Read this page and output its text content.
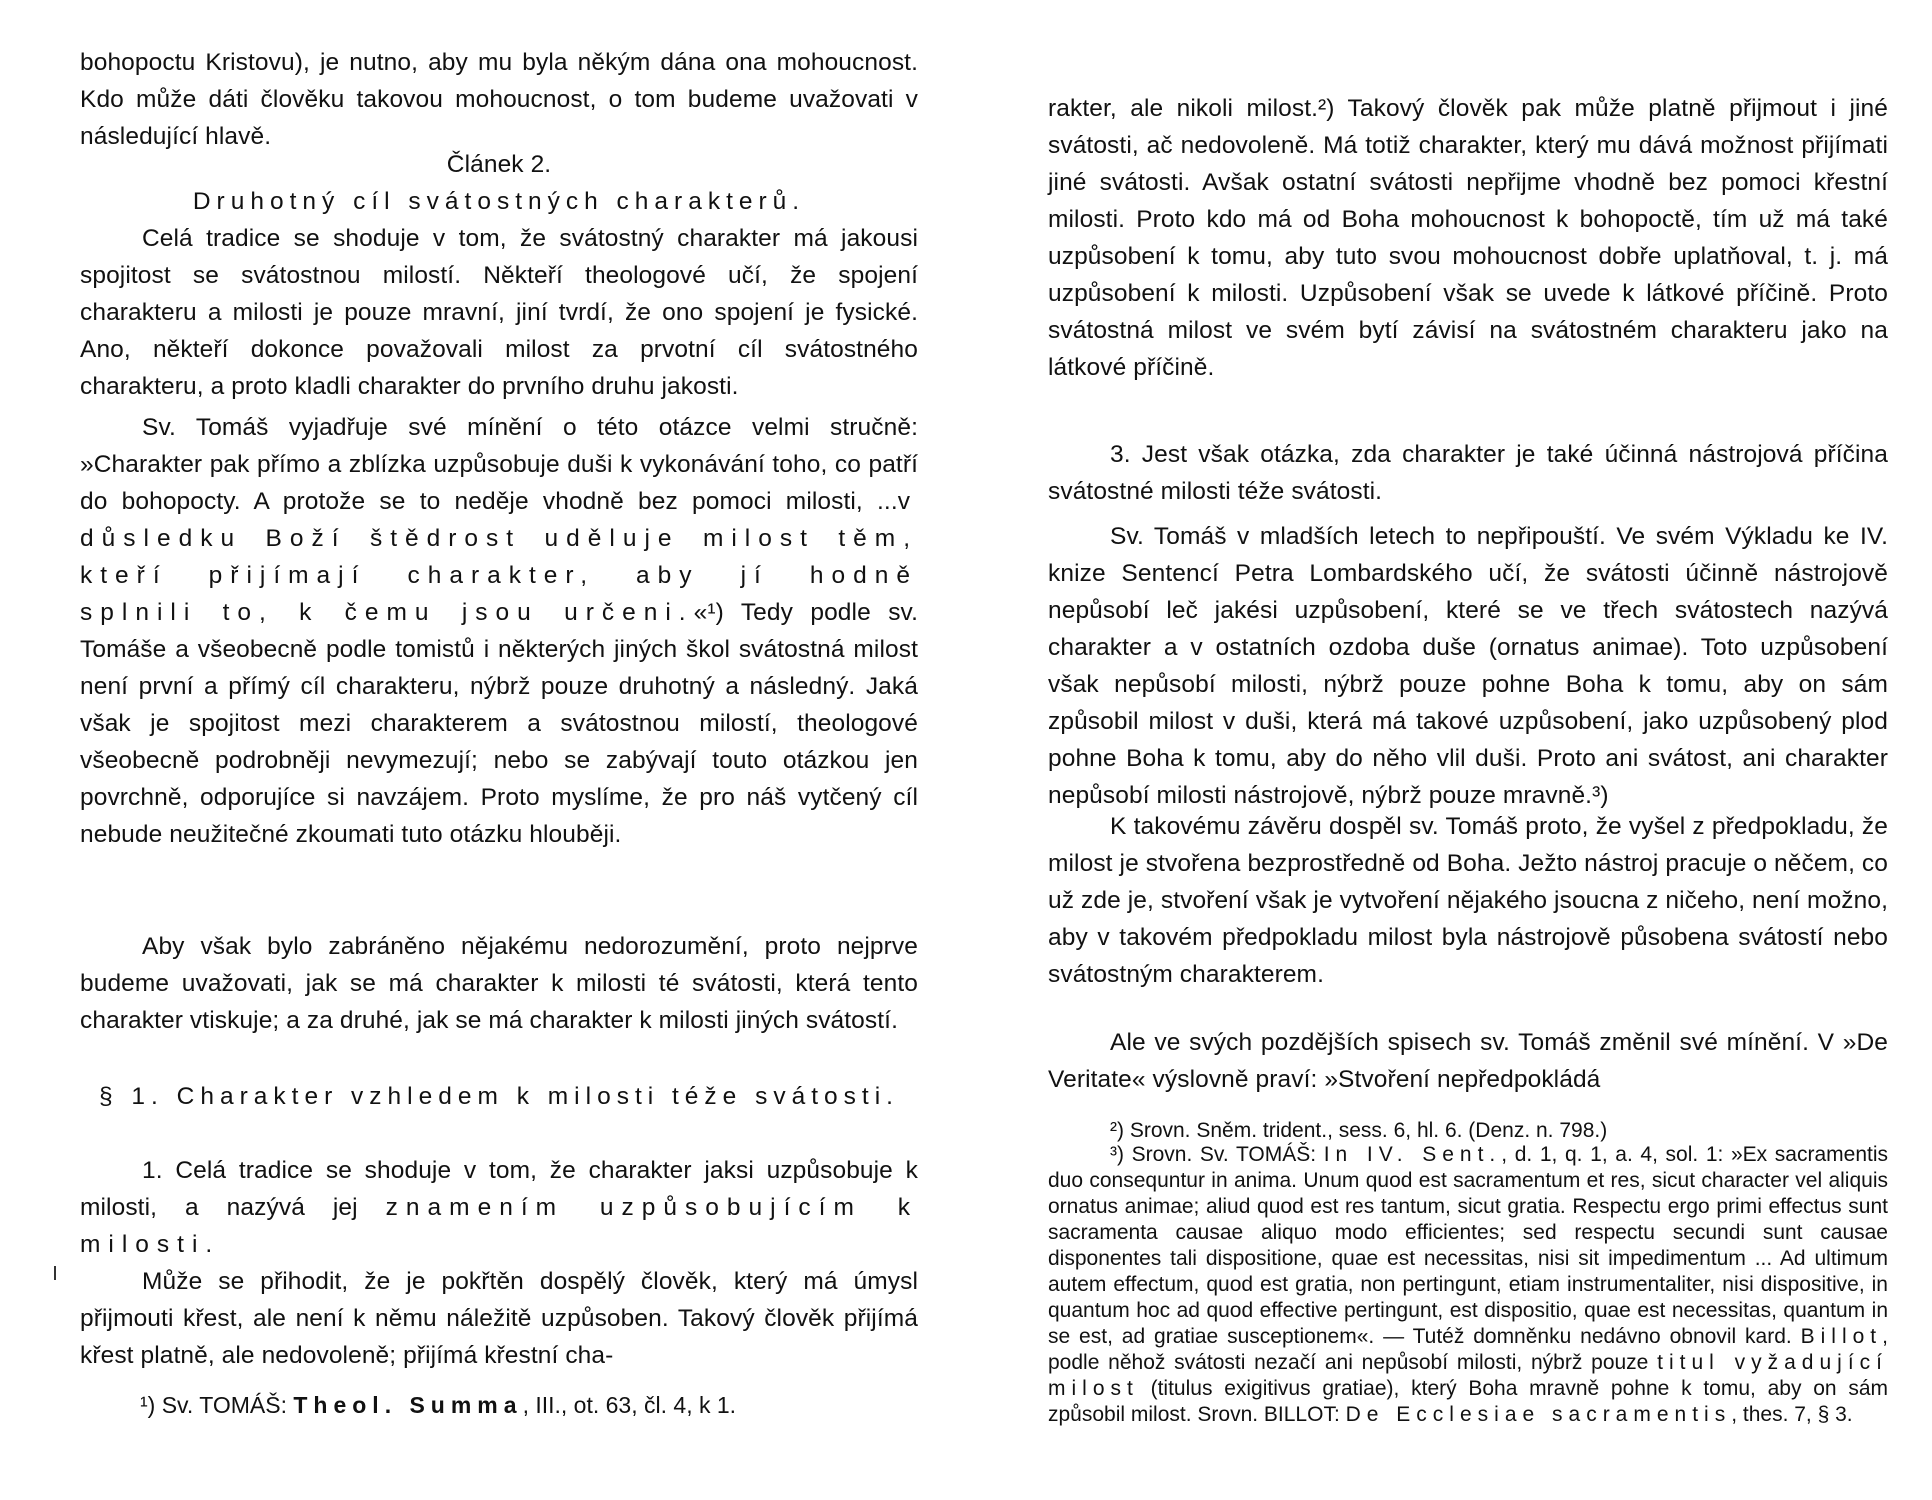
bohopoctu Kristovu), je nutno, aby mu byla někým dána ona mohoucnost. Kdo může dáti člověku takovou mohoucnost, o tom budeme uvažovati v následující hlavě.

Článek 2.

Druhotný cíl svátostných charakterů.

Celá tradice se shoduje v tom, že svátostný charakter má jakousi spojitost se svátostnou milostí. Někteří theologové učí, že spojení charakteru a milosti je pouze mravní, jiní tvrdí, že ono spojení je fysické. Ano, někteří dokonce považovali milost za prvotní cíl svátostného charakteru, a proto kladli charakter do prvního druhu jakosti.

Sv. Tomáš vyjadřuje své mínění o této otázce velmi stručně: »Charakter pak přímo a zblízka uzpůsobuje duši k vykonávání toho, co patří do bohopocty. A protože se to neděje vhodně bez pomoci milosti, ...v důsledku Boží štědrost uděluje milost těm, kteří přijímají charakter, aby jí hodně splnili to, k čemu jsou určeni.«¹) Tedy podle sv. Tomáše a všeobecně podle tomistů i některých jiných škol svátostná milost není první a přímý cíl charakteru, nýbrž pouze druhotný a následný. Jaká však je spojitost mezi charakterem a svátostnou milostí, theologové všeobecně podrobněji nevymezují; nebo se zabývají touto otázkou jen povrchně, odporujíce si navzájem. Proto myslíme, že pro náš vytčený cíl nebude neužitečné zkoumati tuto otázku hlouběji.

Aby však bylo zabráněno nějakému nedorozumění, proto nejprve budeme uvažovati, jak se má charakter k milosti té svátosti, která tento charakter vtiskuje; a za druhé, jak se má charakter k milosti jiných svátostí.

§ 1. Charakter vzhledem k milosti téže svátosti.

1. Celá tradice se shoduje v tom, že charakter jaksi uzpůsobuje k milosti, a nazývá jej znamením uzpůsobujícím k milosti.

Může se přihodit, že je pokřtěn dospělý člověk, který má úmysl přijmouti křest, ale není k němu náležitě uzpůsoben. Takový člověk přijímá křest platně, ale nedovoleně; přijímá křestní cha-

¹) Sv. TOMÁŠ: Theol. Summa, III., ot. 63, čl. 4, k 1.

rakter, ale nikoli milost.²) Takový člověk pak může platně přijmout i jiné svátosti, ač nedovoleně. Má totiž charakter, který mu dává možnost přijímati jiné svátosti. Avšak ostatní svátosti nepřijme vhodně bez pomoci křestní milosti. Proto kdo má od Boha mohoucnost k bohopoctě, tím už má také uzpůsobení k tomu, aby tuto svou mohoucnost dobře uplatňoval, t. j. má uzpůsobení k milosti. Uzpůsobení však se uvede k látkové příčině. Proto svátostná milost ve svém bytí závisí na svátostném charakteru jako na látkové příčině.

3. Jest však otázka, zda charakter je také účinná nástrojová příčina svátostné milosti téže svátosti.

Sv. Tomáš v mladších letech to nepřipouští. Ve svém Výkladu ke IV. knize Sentencí Petra Lombardského učí, že svátosti účinně nástrojově nepůsobí leč jakési uzpůsobení, které se ve třech svátostech nazývá charakter a v ostatních ozdoba duše (ornatus animae). Toto uzpůsobení však nepůsobí milosti, nýbrž pouze pohne Boha k tomu, aby on sám způsobil milost v duši, která má takové uzpůsobení, jako uzpůsobený plod pohne Boha k tomu, aby do něho vlil duši. Proto ani svátost, ani charakter nepůsobí milosti nástrojově, nýbrž pouze mravně.³)

K takovému závěru dospěl sv. Tomáš proto, že vyšel z předpokladu, že milost je stvořena bezprostředně od Boha. Ježto nástroj pracuje o něčem, co už zde je, stvoření však je vytvoření nějakého jsoucna z ničeho, není možno, aby v takovém předpokladu milost byla nástrojově působena svátostí nebo svátostným charakterem.

Ale ve svých pozdějších spisech sv. Tomáš změnil své mínění. V »De Veritate« výslovně praví: »Stvoření nepředpokládá

²) Srovn. Sněm. trident., sess. 6, hl. 6. (Denz. n. 798.)

³) Srovn. Sv. TOMÁŠ: In IV. Sent., d. 1, q. 1, a. 4, sol. 1: »Ex sacramentis duo consequntur in anima. Unum quod est sacramentum et res, sicut character vel aliquis ornatus animae; aliud quod est res tantum, sicut gratia. Respectu ergo primi effectus sunt sacramenta causae aliquo modo efficientes; sed respectu secundi sunt causae disponentes tali dispositione, quae est necessitas, nisi sit impedimentum ... Ad ultimum autem effectum, quod est gratia, non pertingunt, etiam instrumentaliter, nisi dispositive, in quantum hoc ad quod effective pertingunt, est dispositio, quae est necessitas, quantum in se est, ad gratiae susceptionem«. — Tutéž domněnku nedávno obnovil kard. Billot, podle něhož svátosti nezačí ani nepůsobí milosti, nýbrž pouze titul vyžadující milost (titulus exigitivus gratiae), který Boha mravně pohne k tomu, aby on sám způsobil milost. Srovn. BILLOT: De Ecclesiae sacramentis, thes. 7, § 3.
